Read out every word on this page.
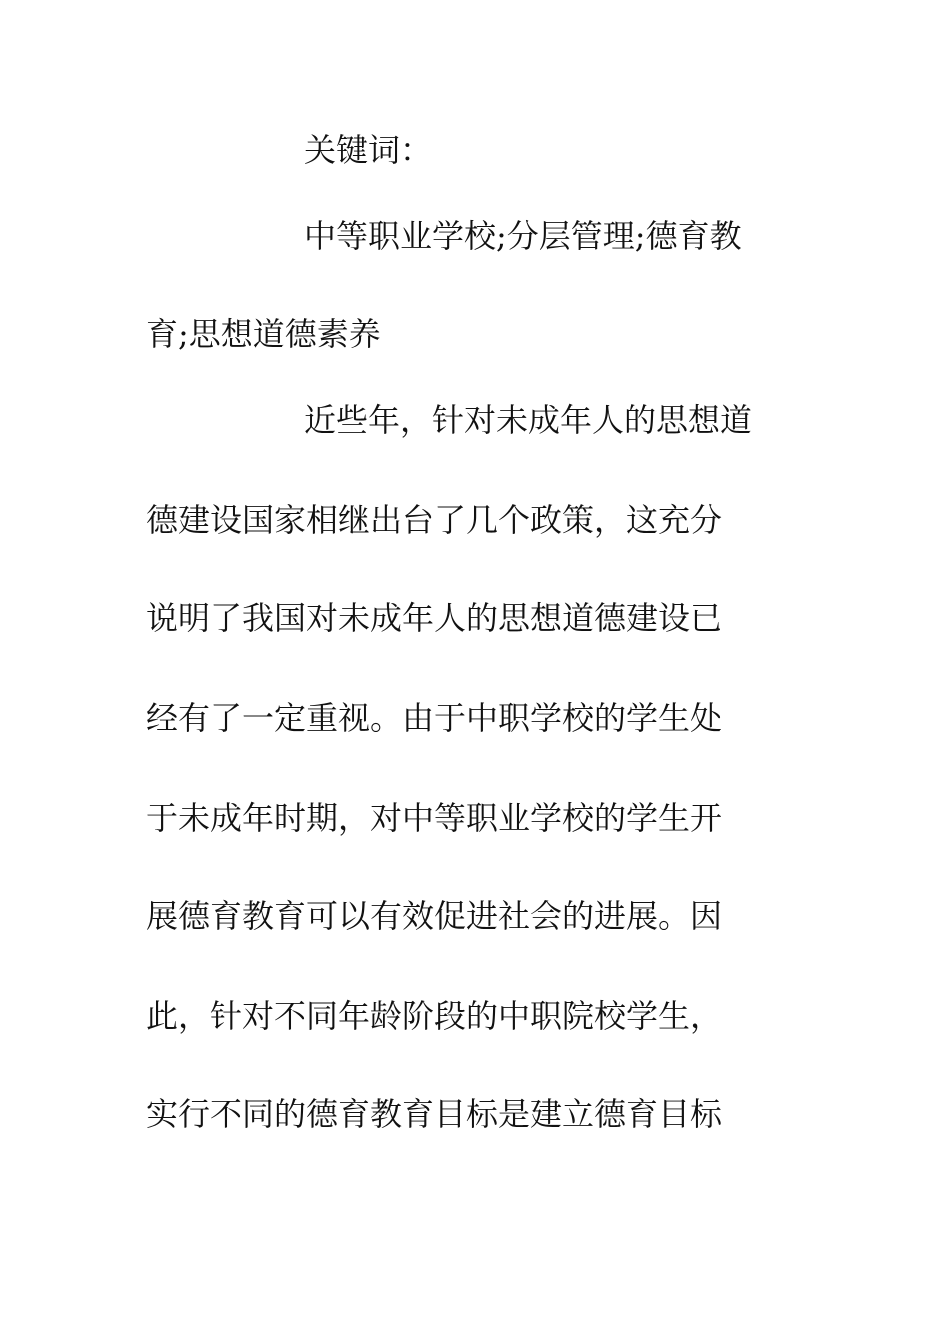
关键词：
中等职业学校;分层管理;德育教
育;思想道德素养
近些年，针对未成年人的思想道
德建设国家相继出台了几个政策，这充分
说明了我国对未成年人的思想道德建设已
经有了一定重视。由于中职学校的学生处
于未成年时期，对中等职业学校的学生开
展德育教育可以有效促进社会的进展。因
此，针对不同年龄阶段的中职院校学生，
实行不同的德育教育目标是建立德育目标
